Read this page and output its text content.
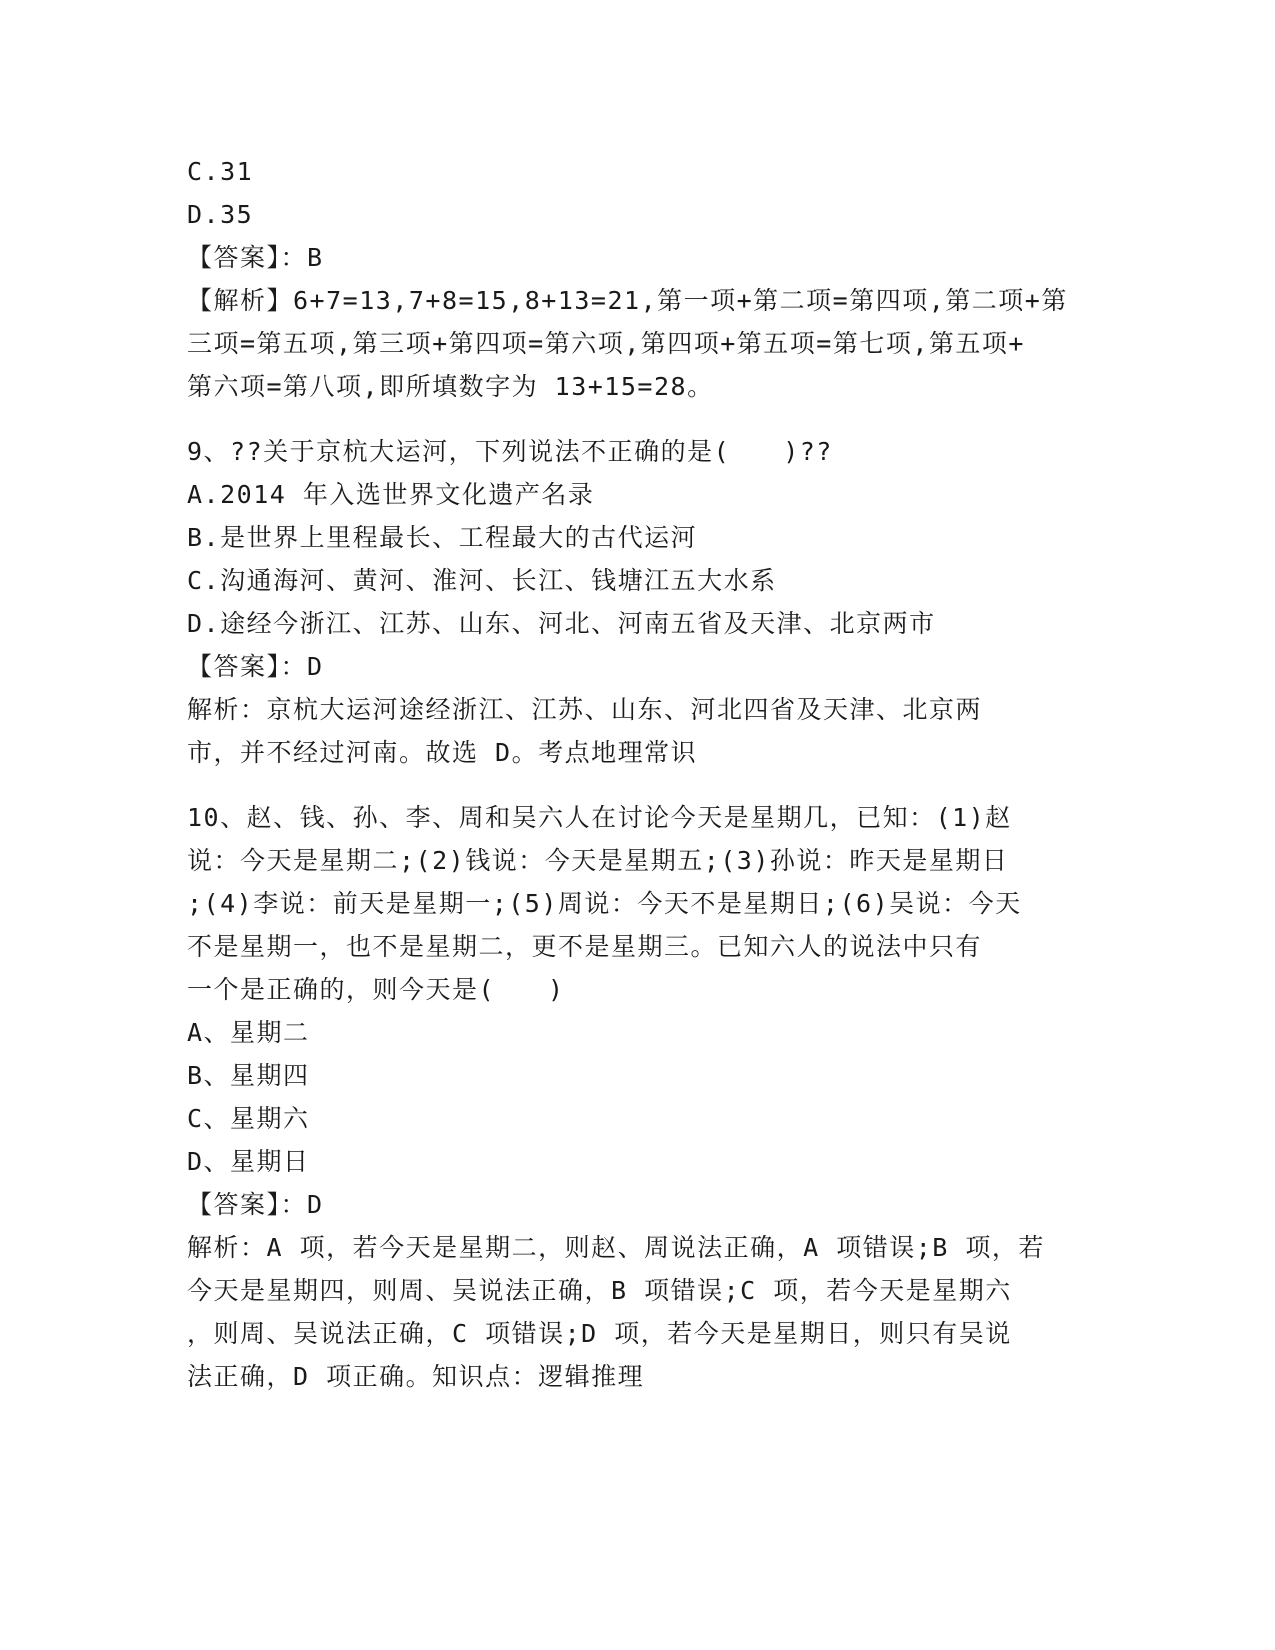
C.31
D.35
【答案】：B
【解析】6+7=13,7+8=15,8+13=21,第一项+第二项=第四项,第二项+第
三项=第五项,第三项+第四项=第六项,第四项+第五项=第七项,第五项+
第六项=第八项,即所填数字为 13+15=28。
9、??关于京杭大运河，下列说法不正确的是(　　)??
A.2014 年入选世界文化遗产名录
B.是世界上里程最长、工程最大的古代运河
C.沟通海河、黄河、淮河、长江、钱塘江五大水系
D.途经今浙江、江苏、山东、河北、河南五省及天津、北京两市
【答案】：D
解析：京杭大运河途经浙江、江苏、山东、河北四省及天津、北京两
市，并不经过河南。故选 D。考点地理常识
10、赵、钱、孙、李、周和吴六人在讨论今天是星期几，已知：(1)赵
说：今天是星期二;(2)钱说：今天是星期五;(3)孙说：昨天是星期日
;(4)李说：前天是星期一;(5)周说：今天不是星期日;(6)吴说：今天
不是星期一，也不是星期二，更不是星期三。已知六人的说法中只有
一个是正确的，则今天是(　　)
A、星期二
B、星期四
C、星期六
D、星期日
【答案】：D
解析：A 项，若今天是星期二，则赵、周说法正确，A 项错误;B 项，若
今天是星期四，则周、吴说法正确，B 项错误;C 项，若今天是星期六
，则周、吴说法正确，C 项错误;D 项，若今天是星期日，则只有吴说
法正确，D 项正确。知识点：逻辑推理
